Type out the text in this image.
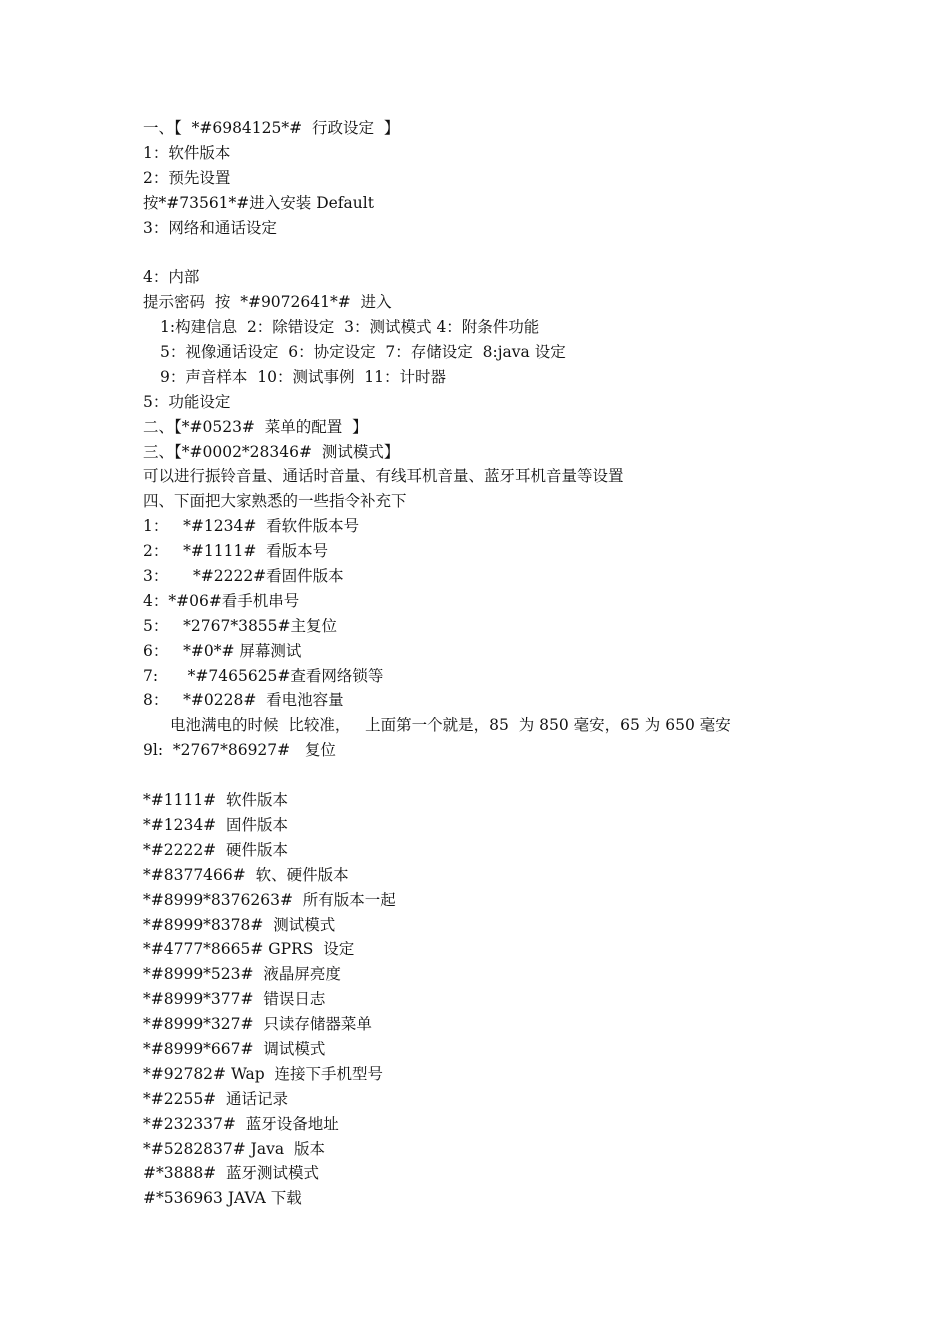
一、【  *#6984125*#  行政设定  】
1：软件版本
2：预先设置
按*#73561*#进入安装 Default
3：网络和通话设定
4：内部
提示密码  按  *#9072641*#  进入
1:构建信息  2：除错设定  3：测试模式 4：附条件功能
5：视像通话设定  6：协定设定  7：存储设定  8:java 设定
9：声音样本  10：测试事例  11：计时器
5：功能设定
二、【*#0523#  菜单的配置  】
三、【*#0002*28346#  测试模式】
可以进行振铃音量、通话时音量、有线耳机音量、蓝牙耳机音量等设置
四、下面把大家熟悉的一些指令补充下
1：   *#1234#  看软件版本号
2：   *#1111#  看版本号
3：     *#2222#看固件版本
4：*#06#看手机串号
5：   *2767*3855#主复位
6：   *#0*# 屏幕测试
7:      *#7465625#查看网络锁等
8：   *#0228#  看电池容量
电池满电的时候  比较准，   上面第一个就是，85  为 850 毫安，65 为 650 毫安
9l:  *2767*86927#   复位
*#1111#  软件版本
*#1234#  固件版本
*#2222#  硬件版本
*#8377466#  软、硬件版本
*#8999*8376263#  所有版本一起
*#8999*8378#  测试模式
*#4777*8665# GPRS  设定
*#8999*523#  液晶屏亮度
*#8999*377#  错误日志
*#8999*327#  只读存储器菜单
*#8999*667#  调试模式
*#92782# Wap  连接下手机型号
*#2255#  通话记录
*#232337#  蓝牙设备地址
*#5282837# Java  版本
#*3888#  蓝牙测试模式
#*536963 JAVA 下载
